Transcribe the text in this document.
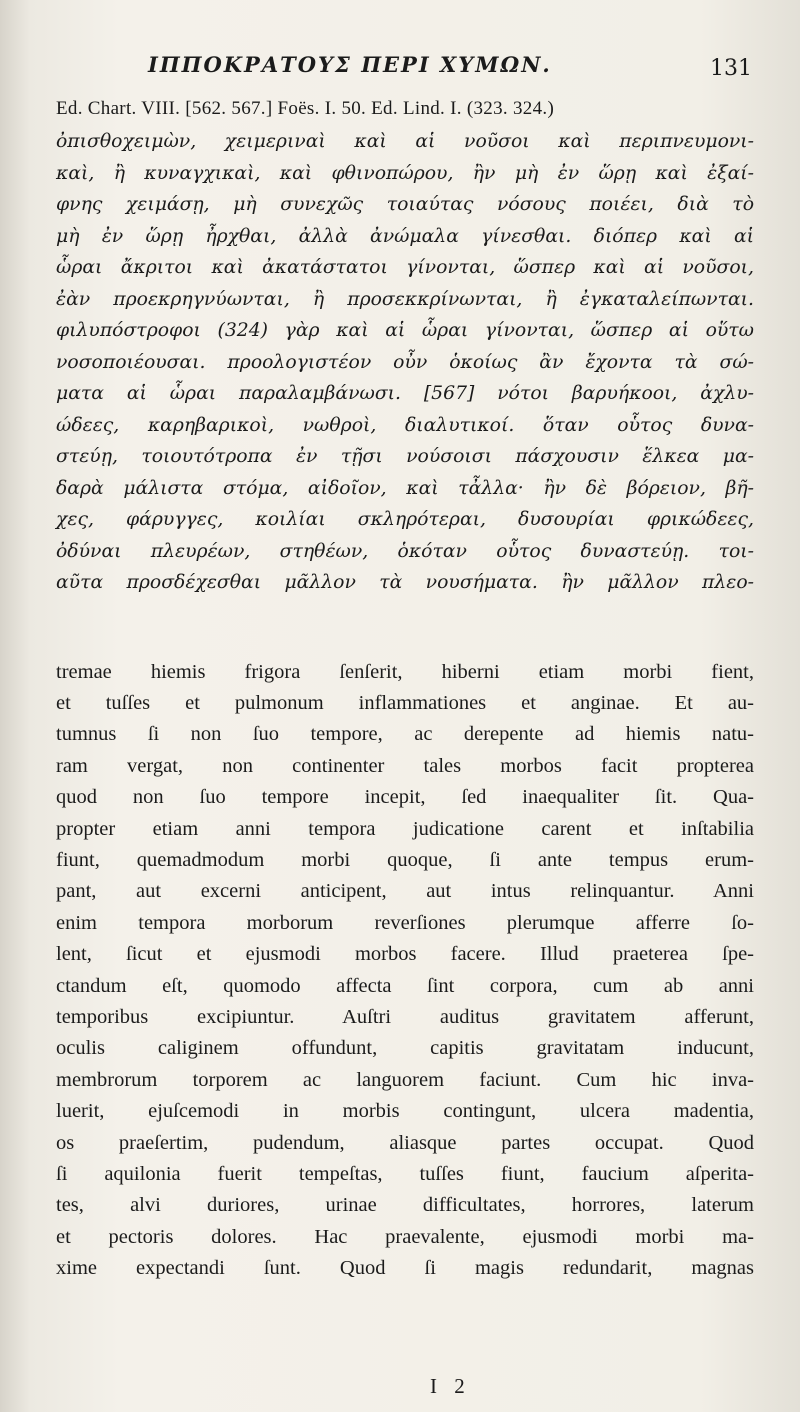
ΙΠΠΟΚΡΑΤΟΥΣ ΠΕΡΙ ΧΥΜΩΝ.	131
Ed. Chart. VIII. [562. 567.] Foës. I. 50. Ed. Lind. I. (323. 324.)
ὀπισθοχειμὼν, χειμεριναὶ καὶ αἱ νοῦσοι καὶ περιπνευμονι-
καὶ, ἢ κυναγχικαὶ, καὶ φθινοπώρου, ἢν μὴ ἐν ὥρῃ καὶ ἐξαί-
φνης χειμάσῃ, μὴ συνεχῶς τοιαύτας νόσους ποιέει, διὰ τὸ
μὴ ἐν ὥρῃ ἦρχθαι, ἀλλὰ ἀνώμαλα γίνεσθαι. διόπερ καὶ αἱ
ὧραι ἄκριτοι καὶ ἀκατάστατοι γίνονται, ὥσπερ καὶ αἱ νοῦσοι,
ἐὰν προεκρηγνύωνται, ἢ προσεκκρίνωνται, ἢ ἐγκαταλείπωνται.
φιλυπόστροφοι (324) γὰρ καὶ αἱ ὧραι γίνονται, ὥσπερ αἱ οὕτω
νοσοποιέουσαι. προολογιστέον οὖν ὁκοίως ἂν ἔχοντα τὰ σώ-
ματα αἱ ὧραι παραλαμβάνωσι. [567] νότοι βαρυήκοοι, ἀχλυ-
ώδεες, καρηβαρικοὶ, νωθροὶ, διαλυτικοί. ὅταν οὗτος δυνα-
στεύῃ, τοιουτότροπα ἐν τῇσι νούσοισι πάσχουσιν ἕλκεα μα-
δαρὰ μάλιστα στόμα, αἰδοῖον, καὶ τἆλλα· ἢν δὲ βόρειον, βῆ-
χες, φάρυγγες, κοιλίαι σκληρότεραι, δυσουρίαι φρικώδεες,
ὀδύναι πλευρέων, στηθέων, ὁκόταν οὗτος δυναστεύῃ. τοι-
αῦτα προσδέχεσθαι μᾶλλον τὰ νουσήματα. ἢν μᾶλλον πλεο-
tremae hiemis frigora ſenſerit, hiberni etiam morbi fient,
et tuſſes et pulmonum inflammationes et anginae. Et au-
tumnus ſi non ſuo tempore, ac derepente ad hiemis natu-
ram vergat, non continenter tales morbos facit propterea
quod non ſuo tempore incepit, ſed inaequaliter ſit. Qua-
propter etiam anni tempora judicatione carent et inſtabilia
fiunt, quemadmodum morbi quoque, ſi ante tempus erum-
pant, aut excerni anticipent, aut intus relinquantur. Anni
enim tempora morborum reverſiones plerumque afferre ſo-
lent, ſicut et ejusmodi morbos facere. Illud praeterea ſpe-
ctandum eſt, quomodo affecta ſint corpora, cum ab anni
temporibus excipiuntur. Auſtri auditus gravitatem afferunt,
oculis caliginem offundunt, capitis gravitatam inducunt,
membrorum torporem ac languorem faciunt. Cum hic inva-
luerit, ejuſcemodi in morbis contingunt, ulcera madentia,
os praeſertim, pudendum, aliasque partes occupat. Quod
ſi aquilonia fuerit tempeſtas, tuſſes fiunt, faucium aſperita-
tes, alvi duriores, urinae difficultates, horrores, laterum
et pectoris dolores. Hac praevalente, ejusmodi morbi ma-
xime expectandi ſunt. Quod ſi magis redundarit, magnas
I 2
